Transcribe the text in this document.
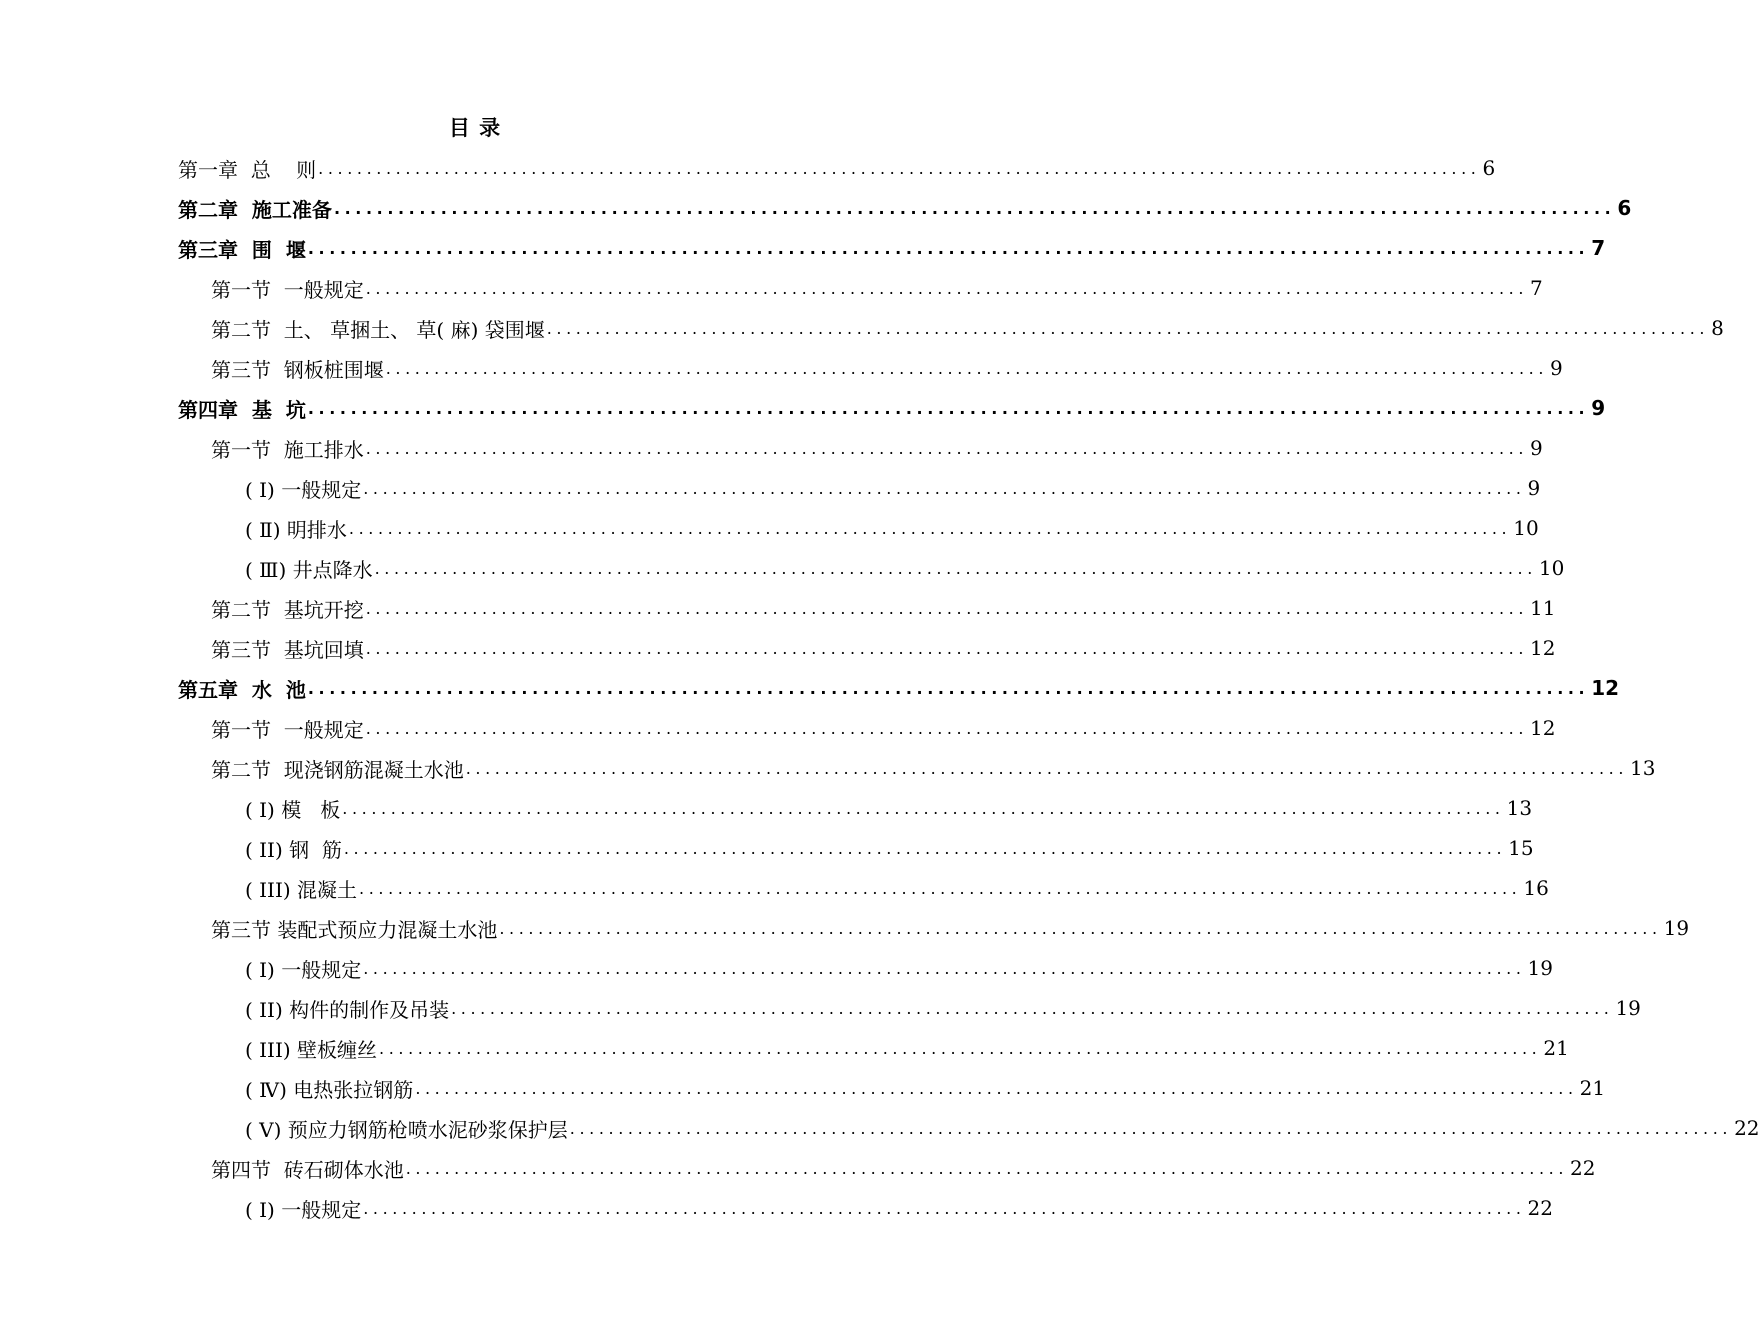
目 录
第一章  总    则 ........................................................................................................................ 6
第二章  施工准备 ........................................................................................................................ 6
第三章  围  堰 ........................................................................................................................ 7
第一节  一般规定 ........................................................................................................................ 7
第二节  土、 草捆土、 草( 麻) 袋围堰 ........................................................................................................................ 8
第三节  钢板桩围堰 ........................................................................................................................ 9
第四章  基  坑 ........................................................................................................................ 9
第一节  施工排水 ........................................................................................................................ 9
( I) 一般规定 ........................................................................................................................ 9
( Ⅱ) 明排水 ........................................................................................................................ 10
( Ⅲ) 井点降水 ........................................................................................................................ 10
第二节  基坑开挖 ........................................................................................................................ 11
第三节  基坑回填 ........................................................................................................................ 12
第五章  水  池 ........................................................................................................................ 12
第一节  一般规定 ........................................................................................................................ 12
第二节  现浇钢筋混凝土水池 ........................................................................................................................ 13
( I) 模   板 ........................................................................................................................ 13
( II) 钢  筋 ........................................................................................................................ 15
( III) 混凝土 ........................................................................................................................ 16
第三节 装配式预应力混凝土水池 ........................................................................................................................ 19
( I) 一般规定 ........................................................................................................................ 19
( II) 构件的制作及吊装 ........................................................................................................................ 19
( III) 壁板缠丝 ........................................................................................................................ 21
( Ⅳ) 电热张拉钢筋 ........................................................................................................................ 21
( Ⅴ) 预应力钢筋枪喷水泥砂浆保护层 ........................................................................................................................ 22
第四节  砖石砌体水池 ........................................................................................................................ 22
( I) 一般规定 ........................................................................................................................ 22
